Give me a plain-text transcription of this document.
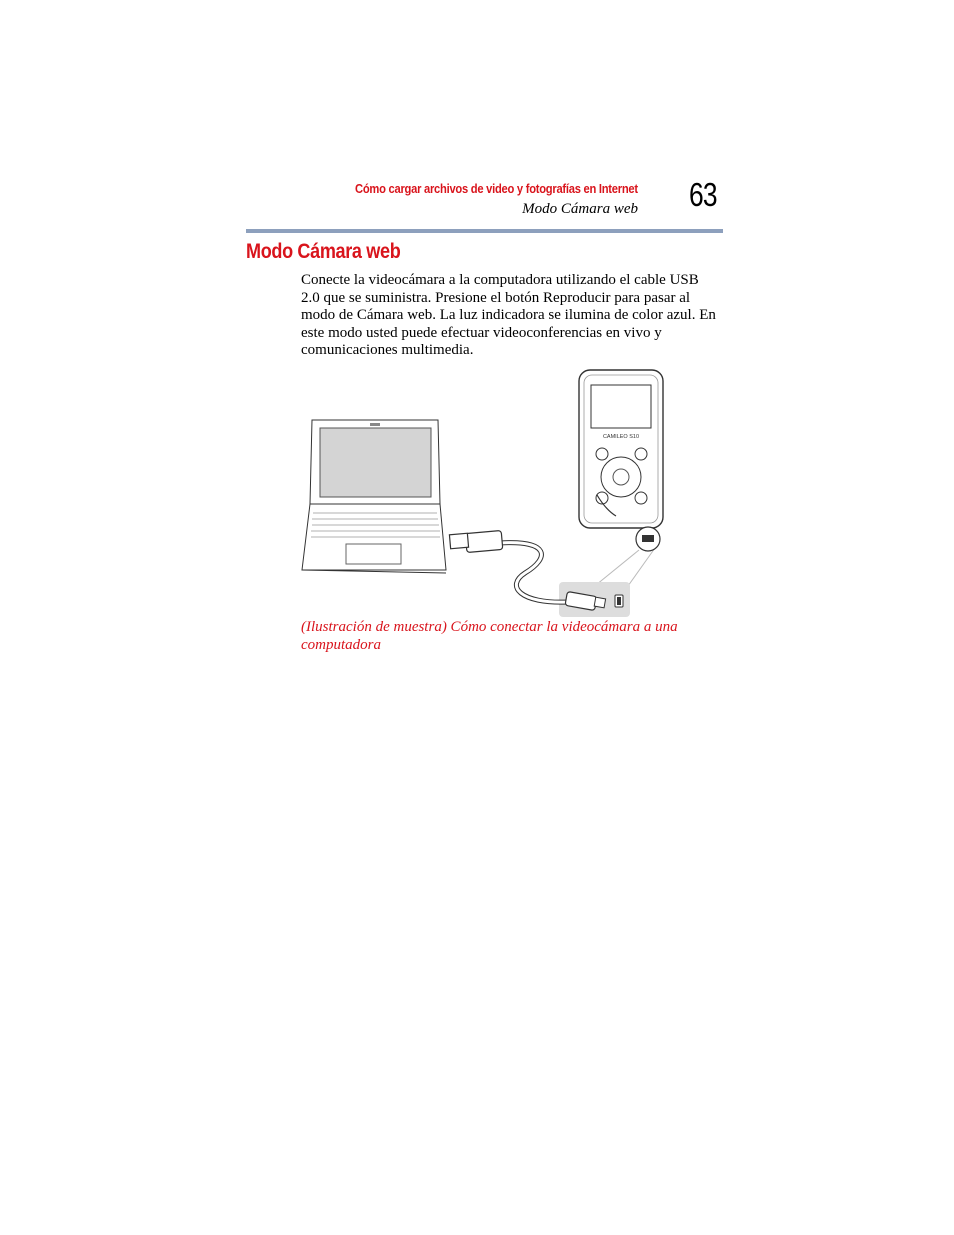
Cómo cargar archivos de video y fotografías en Internet
Modo Cámara web 63
Modo Cámara web

Conecte la videocámara a la computadora utilizando el cable USB 2.0 que se suministra. Presione el botón Reproducir para pasar al modo de Cámara web. La luz indicadora se ilumina de color azul. En este modo usted puede efectuar videoconferencias en vivo y comunicaciones multimedia.

CAMILEO S10

(Ilustración de muestra) Cómo conectar la videocámara a una computadora
